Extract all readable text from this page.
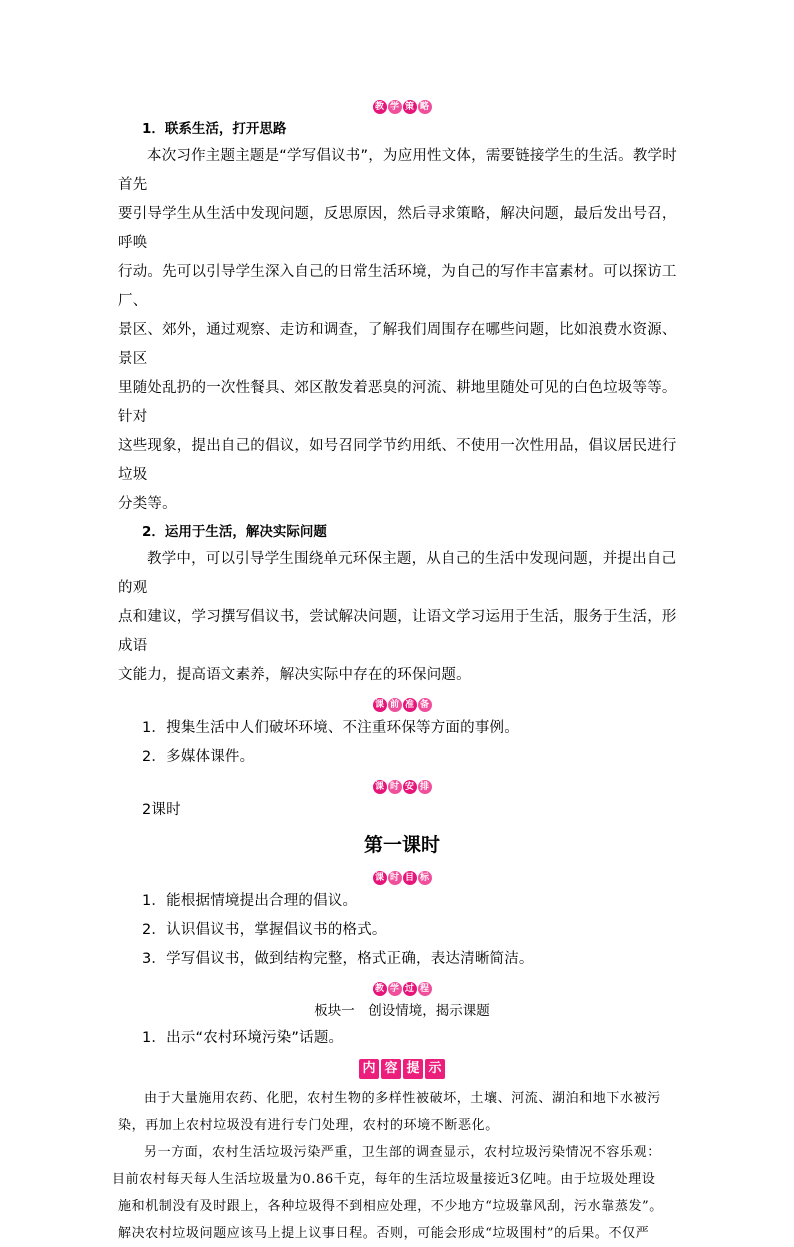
教 学 策 略
1．联系生活，打开思路
本次习作主题主题是“学写倡议书”，为应用性文体，需要链接学生的生活。教学时首先
要引导学生从生活中发现问题，反思原因，然后寻求策略，解决问题，最后发出号召，呼唤
行动。先可以引导学生深入自己的日常生活环境，为自己的写作丰富素材。可以探访工厂、
景区、郊外，通过观察、走访和调查，了解我们周围存在哪些问题，比如浪费水资源、景区
里随处乱扔的一次性餐具、郊区散发着恶臭的河流、耕地里随处可见的白色垃圾等等。针对
这些现象，提出自己的倡议，如号召同学节约用纸、不使用一次性用品，倡议居民进行垃圾
分类等。
2．运用于生活，解决实际问题
教学中，可以引导学生围绕单元环保主题，从自己的生活中发现问题，并提出自己的观
点和建议，学习撰写倡议书，尝试解决问题，让语文学习运用于生活，服务于生活，形成语
文能力，提高语文素养，解决实际中存在的环保问题。
课 前 准 备
1．搜集生活中人们破坏环境、不注重环保等方面的事例。
2．多媒体课件。
课 时 安 排
2课时
第一课时
课 时 目 标
1．能根据情境提出合理的倡议。
2．认识倡议书，掌握倡议书的格式。
3．学写倡议书，做到结构完整，格式正确，表达清晰简洁。
教 学 过 程
板块一　创设情境，揭示课题
1．出示“农村环境污染”话题。
内 容 提 示
由于大量施用农药、化肥，农村生物的多样性被破坏，土壤、河流、湖泊和地下水被污
染，再加上农村垃圾没有进行专门处理，农村的环境不断恶化。
另一方面，农村生活垃圾污染严重，卫生部的调查显示，农村垃圾污染情况不容乐观：
目前农村每天每人生活垃圾量为0.86千克，每年的生活垃圾量接近3亿吨。由于垃圾处理设
施和机制没有及时跟上，各种垃圾得不到相应处理，不少地方“垃圾靠风刮，污水靠蒸发”。
解决农村垃圾问题应该马上提上议事日程。否则，可能会形成“垃圾围村”的后果。不仅严
